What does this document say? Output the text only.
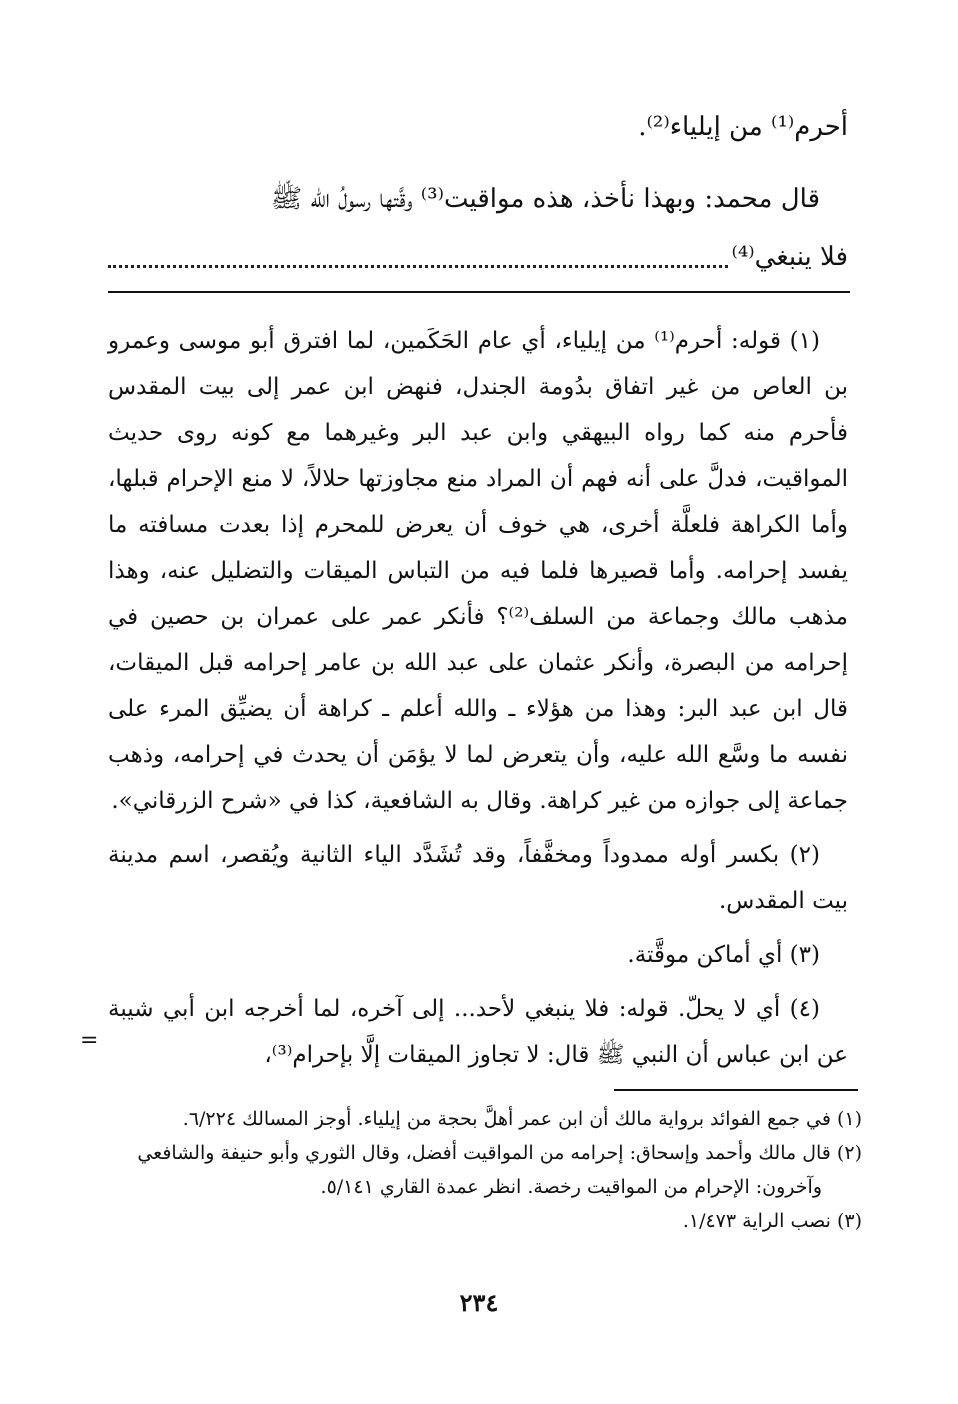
أحرم⁽¹⁾ من إيلياء⁽²⁾.

قال محمد: وبهذا نأخذ، هذه مواقيت⁽³⁾ وقَّتها رسولُ الله ﷺ

فلا ينبغي⁽⁴⁾

(١) قوله: أحرم⁽¹⁾ من إيلياء، أي عام الحَكَمين، لما افترق أبو موسى وعمرو بن العاص من غير اتفاق بدُومة الجندل، فنهض ابن عمر إلى بيت المقدس فأحرم منه كما رواه البيهقي وابن عبد البر وغيرهما مع كونه روى حديث المواقيت، فدلَّ على أنه فهم أن المراد منع مجاوزتها حلالاً، لا منع الإحرام قبلها، وأما الكراهة فلعلَّة أخرى، هي خوف أن يعرض للمحرم إذا بعدت مسافته ما يفسد إحرامه. وأما قصيرها فلما فيه من التباس الميقات والتضليل عنه، وهذا مذهب مالك وجماعة من السلف⁽²⁾؟ فأنكر عمر على عمران بن حصين في إحرامه من البصرة، وأنكر عثمان على عبد الله بن عامر إحرامه قبل الميقات، قال ابن عبد البر: وهذا من هؤلاء ـ والله أعلم ـ كراهة أن يضيِّق المرء على نفسه ما وسَّع الله عليه، وأن يتعرض لما لا يؤمَن أن يحدث في إحرامه، وذهب جماعة إلى جوازه من غير كراهة. وقال به الشافعية، كذا في «شرح الزرقاني».

(٢) بكسر أوله ممدوداً ومخفَّفاً، وقد تُشَدَّد الياء الثانية ويُقصر، اسم مدينة بيت المقدس.

(٣) أي أماكن موقَّتة.

(٤) أي لا يحلّ. قوله: فلا ينبغي لأحد... إلى آخره، لما أخرجه ابن أبي شيبة عن ابن عباس أن النبي ﷺ قال: لا تجاوز الميقات إلَّا بإحرام⁽³⁾،

=

(١) في جمع الفوائد برواية مالك أن ابن عمر أهلَّ بحجة من إيلياء. أوجز المسالك ٦/٢٢٤.

(٢) قال مالك وأحمد وإسحاق: إحرامه من المواقيت أفضل، وقال الثوري وأبو حنيفة والشافعي

وآخرون: الإحرام من المواقيت رخصة. انظر عمدة القاري ٥/١٤١.

(٣) نصب الراية ١/٤٧٣.

٢٣٤
